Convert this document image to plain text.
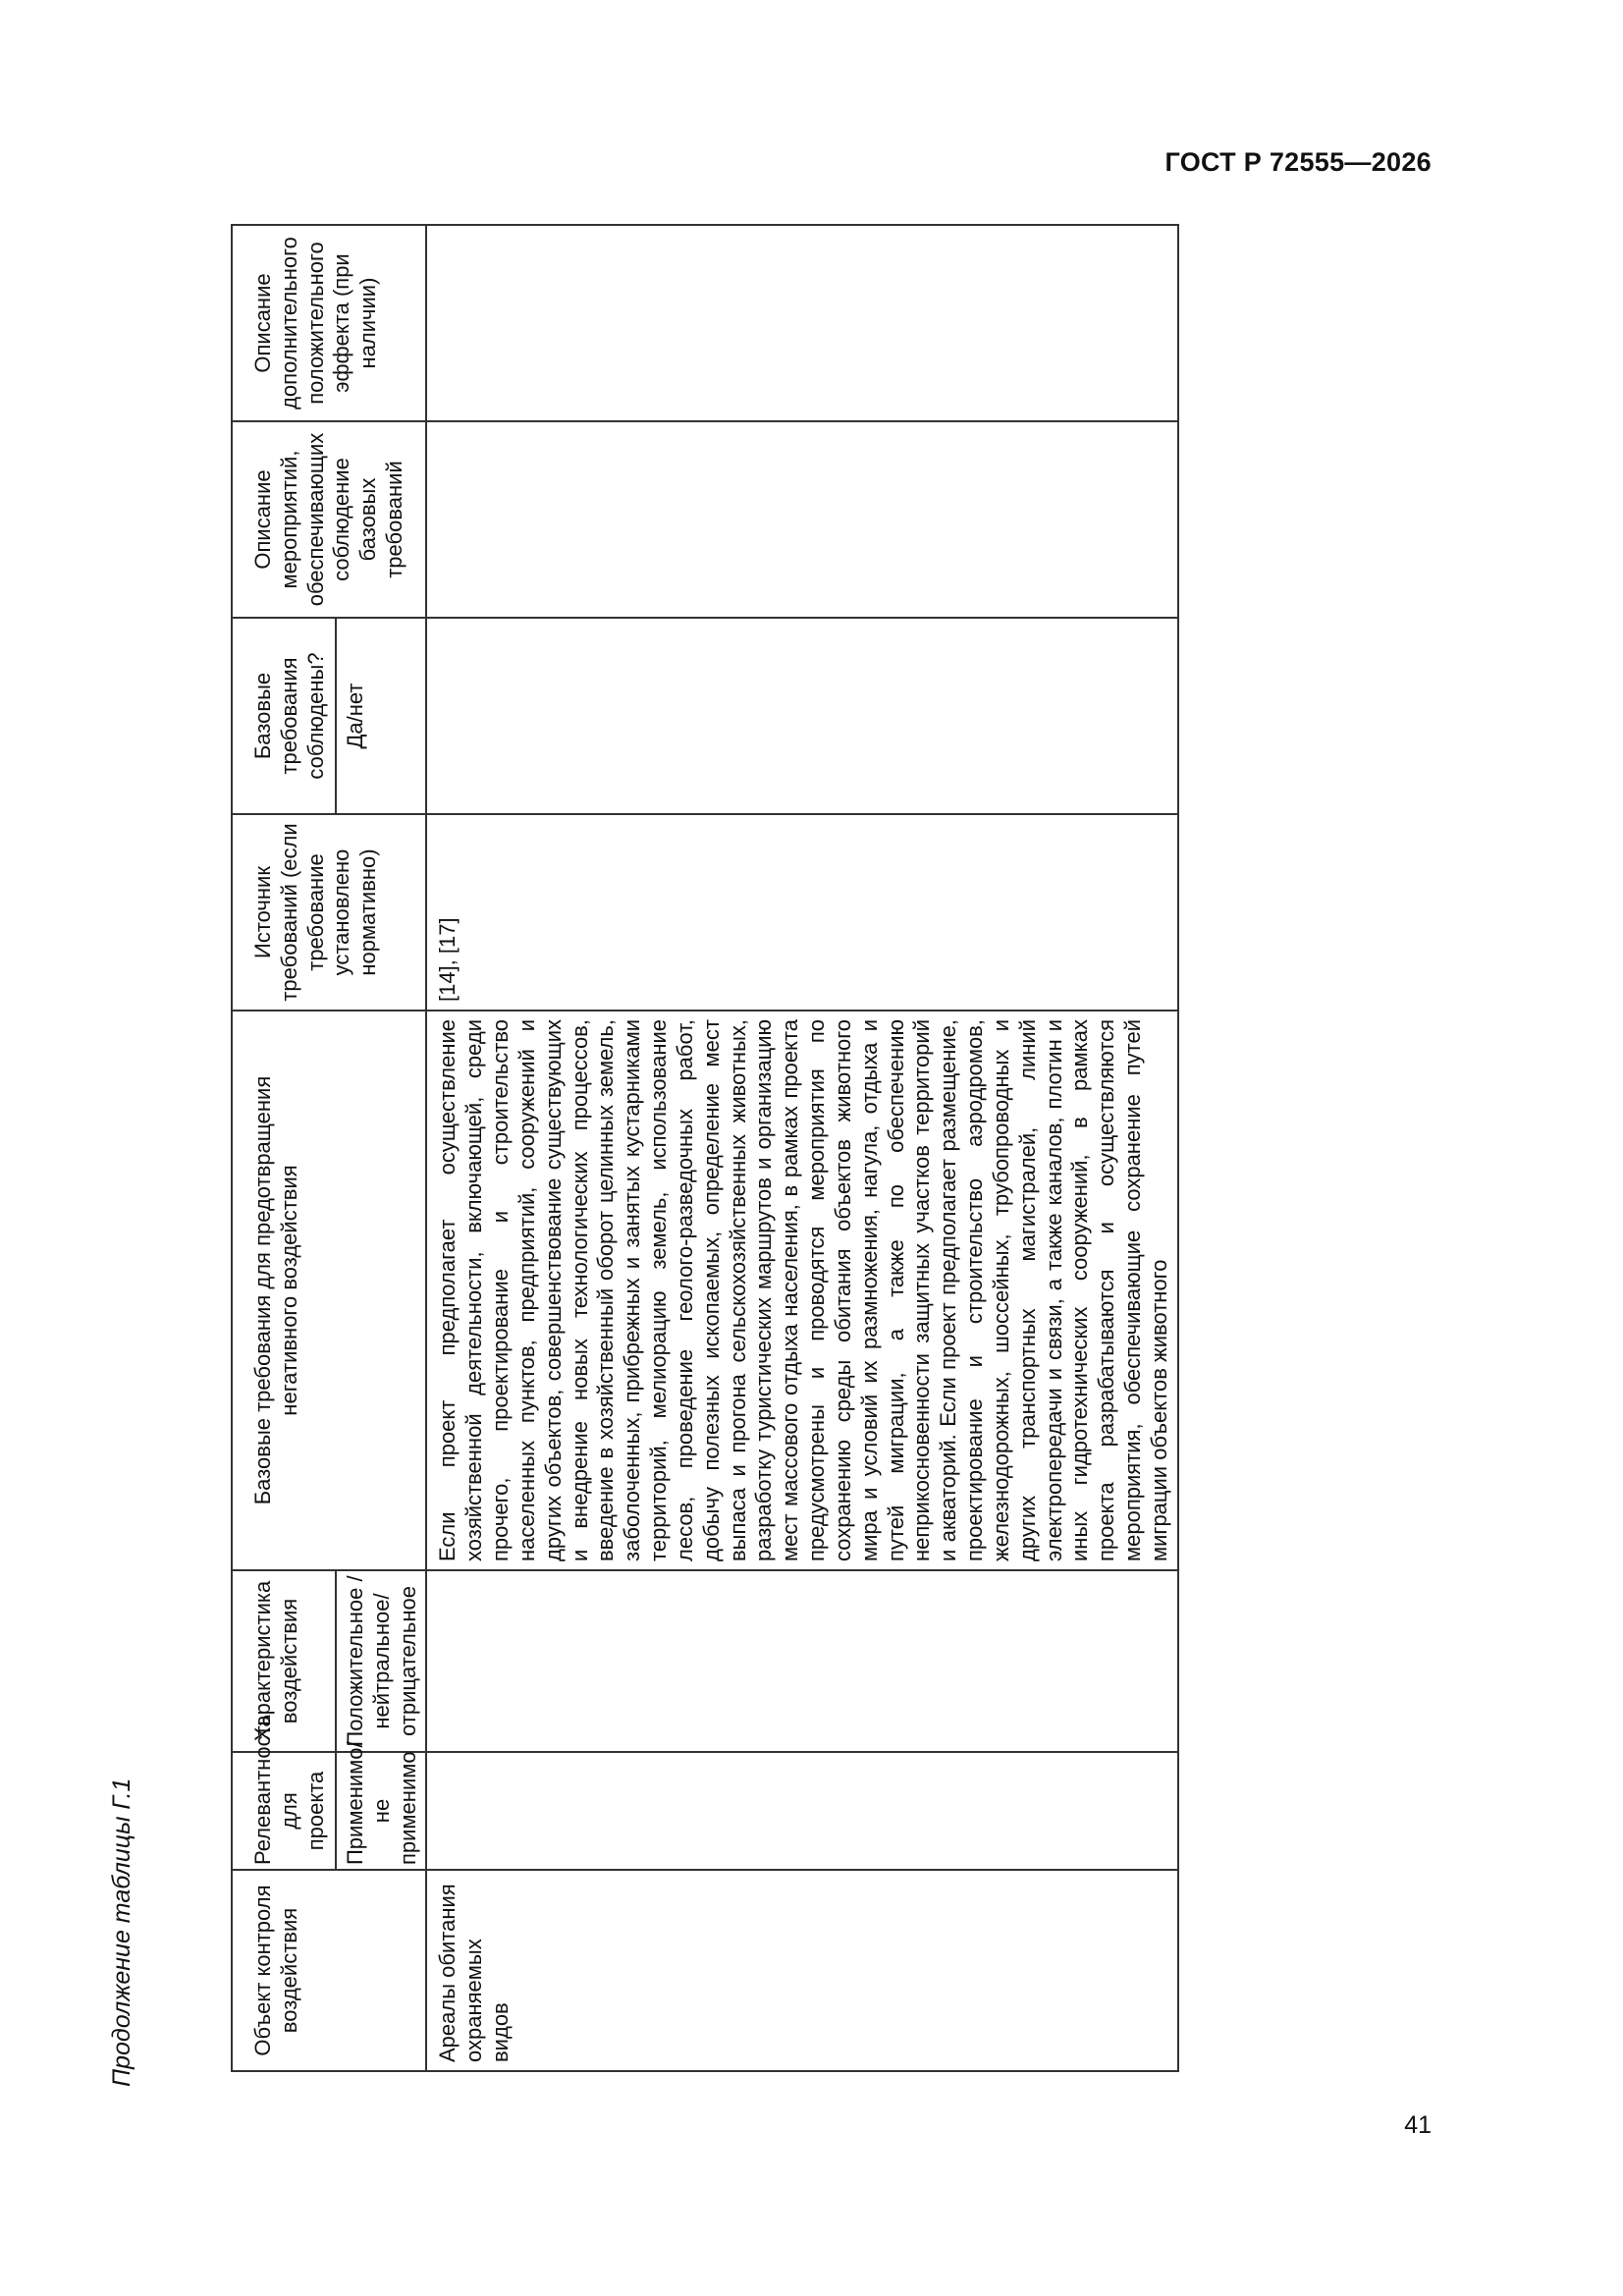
ГОСТ Р 72555—2026
Продолжение таблицы Г.1	Объект контроля воздействия	Релевантность для проекта	Характеристика воздействия	Базовые требования для предотвращения негативного воздействия	Источник требований (если требование установлено нормативно)	Базовые требования соблюдены?	Описание мероприятий, обеспечивающих соблюдение базовых требований	Описание дополнительного положительного эффекта (при наличии)
	Применимо/ не применимо	Положительное /нейтральное/ отрицательное			Да/нет		
Ареалы обитания охраняемых видов			Если проект предполагает осуществление хозяйственной деятельности, включающей, среди прочего, проектирование и строительство населенных пунктов, предприятий, сооружений и других объектов, совершенствование существующих и внедрение новых технологических процессов, введение в хозяйственный оборот целинных земель, заболоченных, прибрежных и занятых кустарниками территорий, мелиорацию земель, использование лесов, проведение геолого-разведочных работ, добычу полезных ископаемых, определение мест выпаса и прогона сельскохозяйственных животных, разработку туристических маршрутов и организацию мест массового отдыха населения, в рамках проекта предусмотрены и проводятся мероприятия по сохранению среды обитания объектов животного мира и условий их размножения, нагула, отдыха и путей миграции, а также по обеспечению неприкосновенности защитных участков территорий и акваторий. Если проект предполагает размещение, проектирование и строительство аэродромов, железнодорожных, шоссейных, трубопроводных и других транспортных магистралей, линий электропередачи и связи, а также каналов, плотин и иных гидротехнических сооружений, в рамках проекта разрабатываются и осуществляются мероприятия, обеспечивающие сохранение путей миграции объектов животного	[14], [17]			
41
